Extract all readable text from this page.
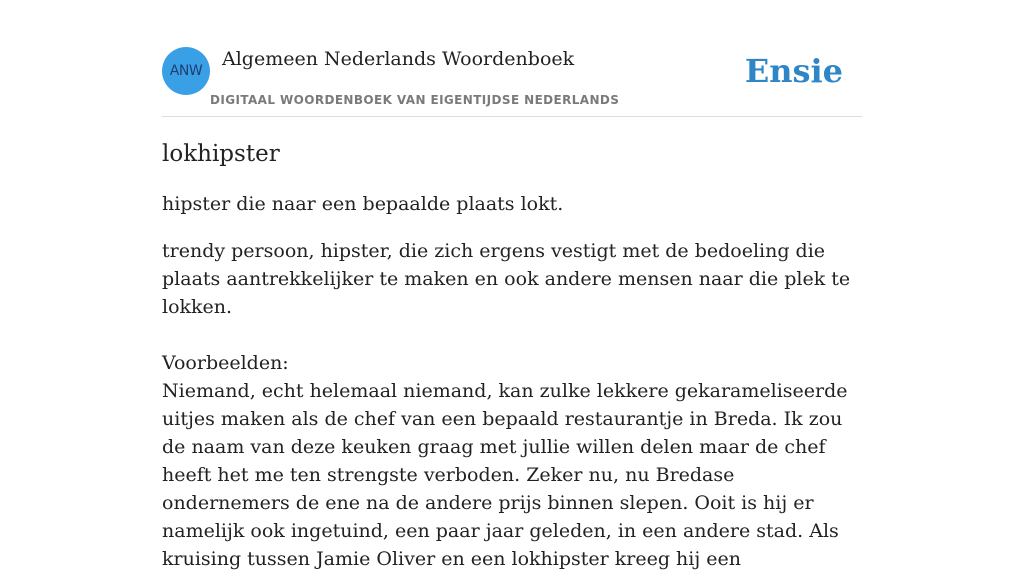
ANW
Algemeen Nederlands Woordenboek
DIGITAAL WOORDENBOEK VAN EIGENTIJDSE NEDERLANDS
Ensie
lokhipster

hipster die naar een bepaalde plaats lokt.

trendy persoon, hipster, die zich ergens vestigt met de bedoeling die plaats aantrekkelijker te maken en ook andere mensen naar die plek te lokken.

Voorbeelden:

Niemand, echt helemaal niemand, kan zulke lekkere gekarameliseerde uitjes maken als de chef van een bepaald restaurantje in Breda. Ik zou de naam van deze keuken graag met jullie willen delen maar de chef heeft het me ten strengste verboden. Zeker nu, nu Bredase ondernemers de ene na de andere prijs binnen slepen. Ooit is hij er namelijk ook ingetuind, een paar jaar geleden, in een andere stad. Als kruising tussen Jamie Oliver en een lokhipster kreeg hij een
